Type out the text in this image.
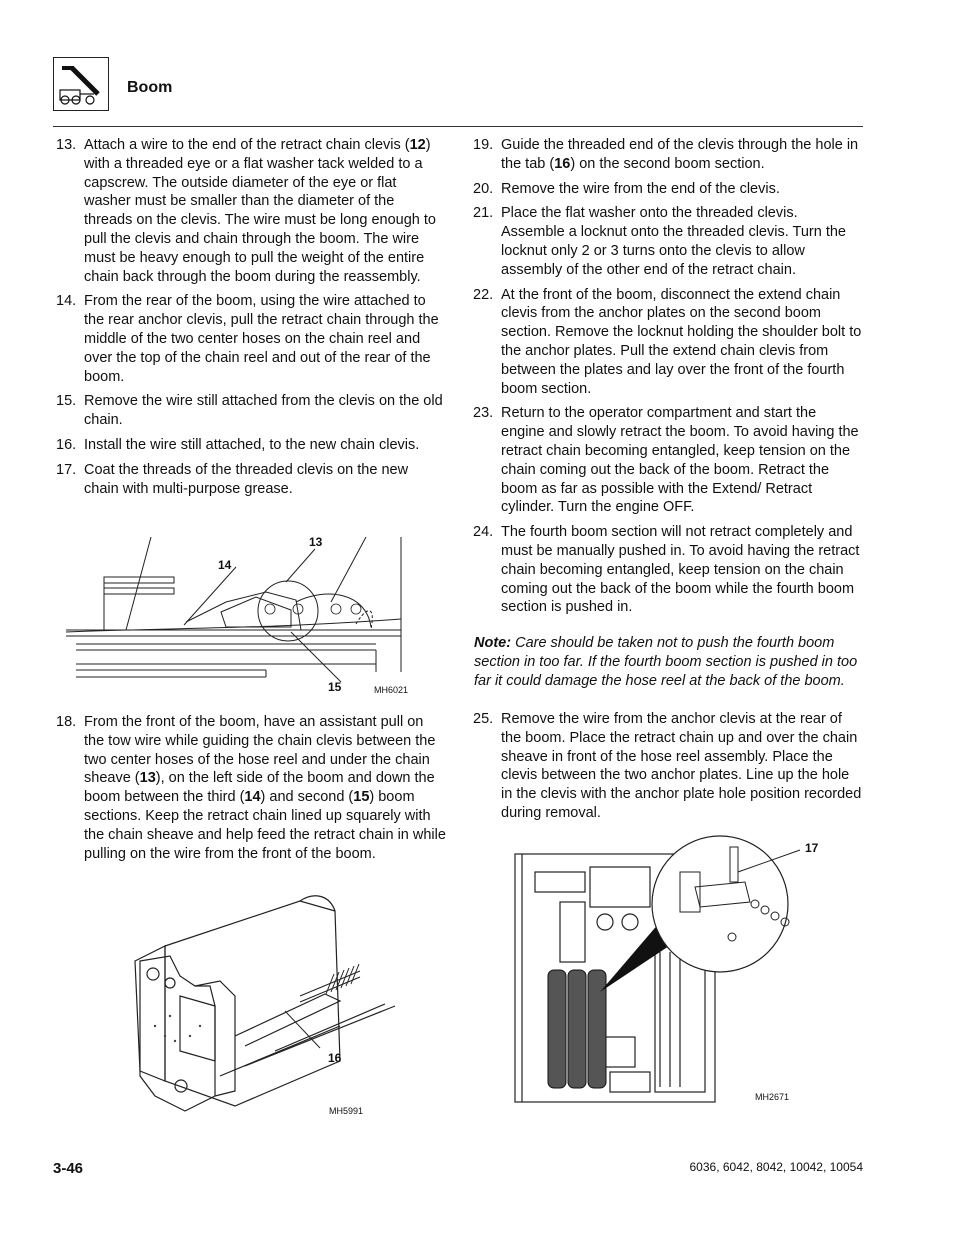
Boom
13. Attach a wire to the end of the retract chain clevis (12) with a threaded eye or a flat washer tack welded to a capscrew. The outside diameter of the eye or flat washer must be smaller than the diameter of the threads on the clevis. The wire must be long enough to pull the clevis and chain through the boom. The wire must be heavy enough to pull the weight of the entire chain back through the boom during the reassembly.
14. From the rear of the boom, using the wire attached to the rear anchor clevis, pull the retract chain through the middle of the two center hoses on the chain reel and over the top of the chain reel and out of the rear of the boom.
15. Remove the wire still attached from the clevis on the old chain.
16. Install the wire still attached, to the new chain clevis.
17. Coat the threads of the threaded clevis on the new chain with multi-purpose grease.
14
13
15	MH6021
18. From the front of the boom, have an assistant pull on the tow wire while guiding the chain clevis between the two center hoses of the hose reel and under the chain sheave (13), on the left side of the boom and down the boom between the third (14) and second (15) boom sections. Keep the retract chain lined up squarely with the chain sheave and help feed the retract chain in while pulling on the wire from the front of the boom.
16
MH5991
19. Guide the threaded end of the clevis through the hole in the tab (16) on the second boom section.
20. Remove the wire from the end of the clevis.
21. Place the flat washer onto the threaded clevis. Assemble a locknut onto the threaded clevis. Turn the locknut only 2 or 3 turns onto the clevis to allow assembly of the other end of the retract chain.
22. At the front of the boom, disconnect the extend chain clevis from the anchor plates on the second boom section. Remove the locknut holding the shoulder bolt to the anchor plates. Pull the extend chain clevis from between the plates and lay over the front of the fourth boom section.
23. Return to the operator compartment and start the engine and slowly retract the boom. To avoid having the retract chain becoming entangled, keep tension on the chain coming out the back of the boom. Retract the boom as far as possible with the Extend/ Retract cylinder. Turn the engine OFF.
24. The fourth boom section will not retract completely and must be manually pushed in. To avoid having the retract chain becoming entangled, keep tension on the chain coming out the back of the boom while the fourth boom section is pushed in.
Note: Care should be taken not to push the fourth boom section in too far. If the fourth boom section is pushed in too far it could damage the hose reel at the back of the boom.
25. Remove the wire from the anchor clevis at the rear of the boom. Place the retract chain up and over the chain sheave in front of the hose reel assembly. Place the clevis between the two anchor plates. Line up the hole in the clevis with the anchor plate hole position recorded during removal.
17
MH2671
3-46	6036, 6042, 8042, 10042, 10054
